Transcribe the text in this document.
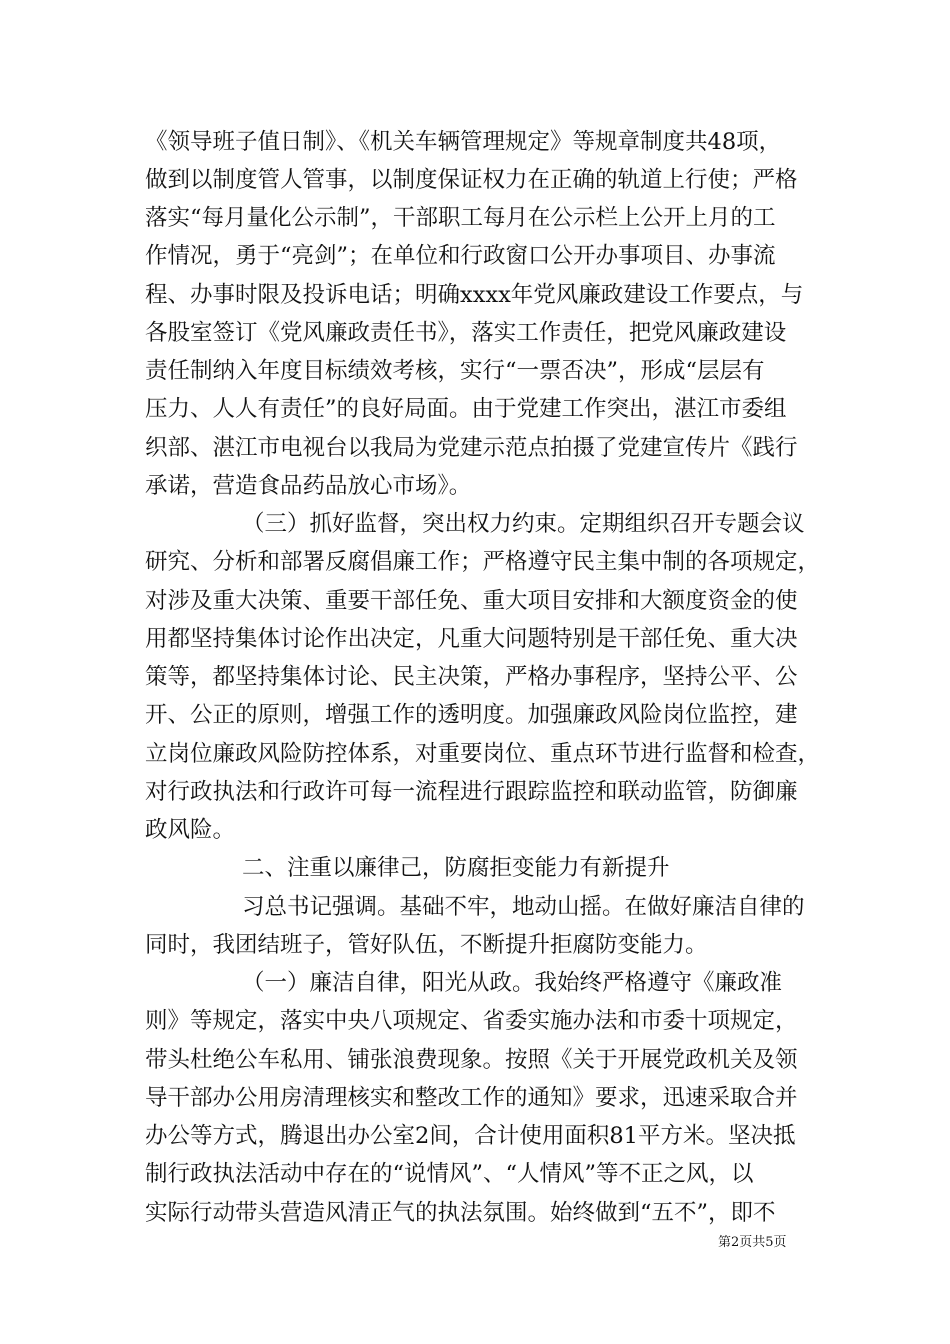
《领导班子值日制》、《机关车辆管理规定》等规章制度共48项，
做到以制度管人管事，以制度保证权力在正确的轨道上行使；严格
落实“每月量化公示制”，干部职工每月在公示栏上公开上月的工
作情况，勇于“亮剑”；在单位和行政窗口公开办事项目、办事流
程、办事时限及投诉电话；明确xxxx年党风廉政建设工作要点，与
各股室签订《党风廉政责任书》，落实工作责任，把党风廉政建设
责任制纳入年度目标绩效考核，实行“一票否决”，形成“层层有
压力、人人有责任”的良好局面。由于党建工作突出，湛江市委组
织部、湛江市电视台以我局为党建示范点拍摄了党建宣传片《践行
承诺，营造食品药品放心市场》。
（三）抓好监督，突出权力约束。定期组织召开专题会议
研究、分析和部署反腐倡廉工作；严格遵守民主集中制的各项规定，
对涉及重大决策、重要干部任免、重大项目安排和大额度资金的使
用都坚持集体讨论作出决定，凡重大问题特别是干部任免、重大决
策等，都坚持集体讨论、民主决策，严格办事程序，坚持公平、公
开、公正的原则，增强工作的透明度。加强廉政风险岗位监控，建
立岗位廉政风险防控体系，对重要岗位、重点环节进行监督和检查，
对行政执法和行政许可每一流程进行跟踪监控和联动监管，防御廉
政风险。
二、注重以廉律己，防腐拒变能力有新提升
习总书记强调。基础不牢，地动山摇。在做好廉洁自律的
同时，我团结班子，管好队伍，不断提升拒腐防变能力。
（一）廉洁自律，阳光从政。我始终严格遵守《廉政准
则》等规定，落实中央八项规定、省委实施办法和市委十项规定，
带头杜绝公车私用、铺张浪费现象。按照《关于开展党政机关及领
导干部办公用房清理核实和整改工作的通知》要求，迅速采取合并
办公等方式，腾退出办公室2间，合计使用面积81平方米。坚决抵
制行政执法活动中存在的“说情风”、“人情风”等不正之风，以
实际行动带头营造风清正气的执法氛围。始终做到“五不”，即不
第2页共5页
